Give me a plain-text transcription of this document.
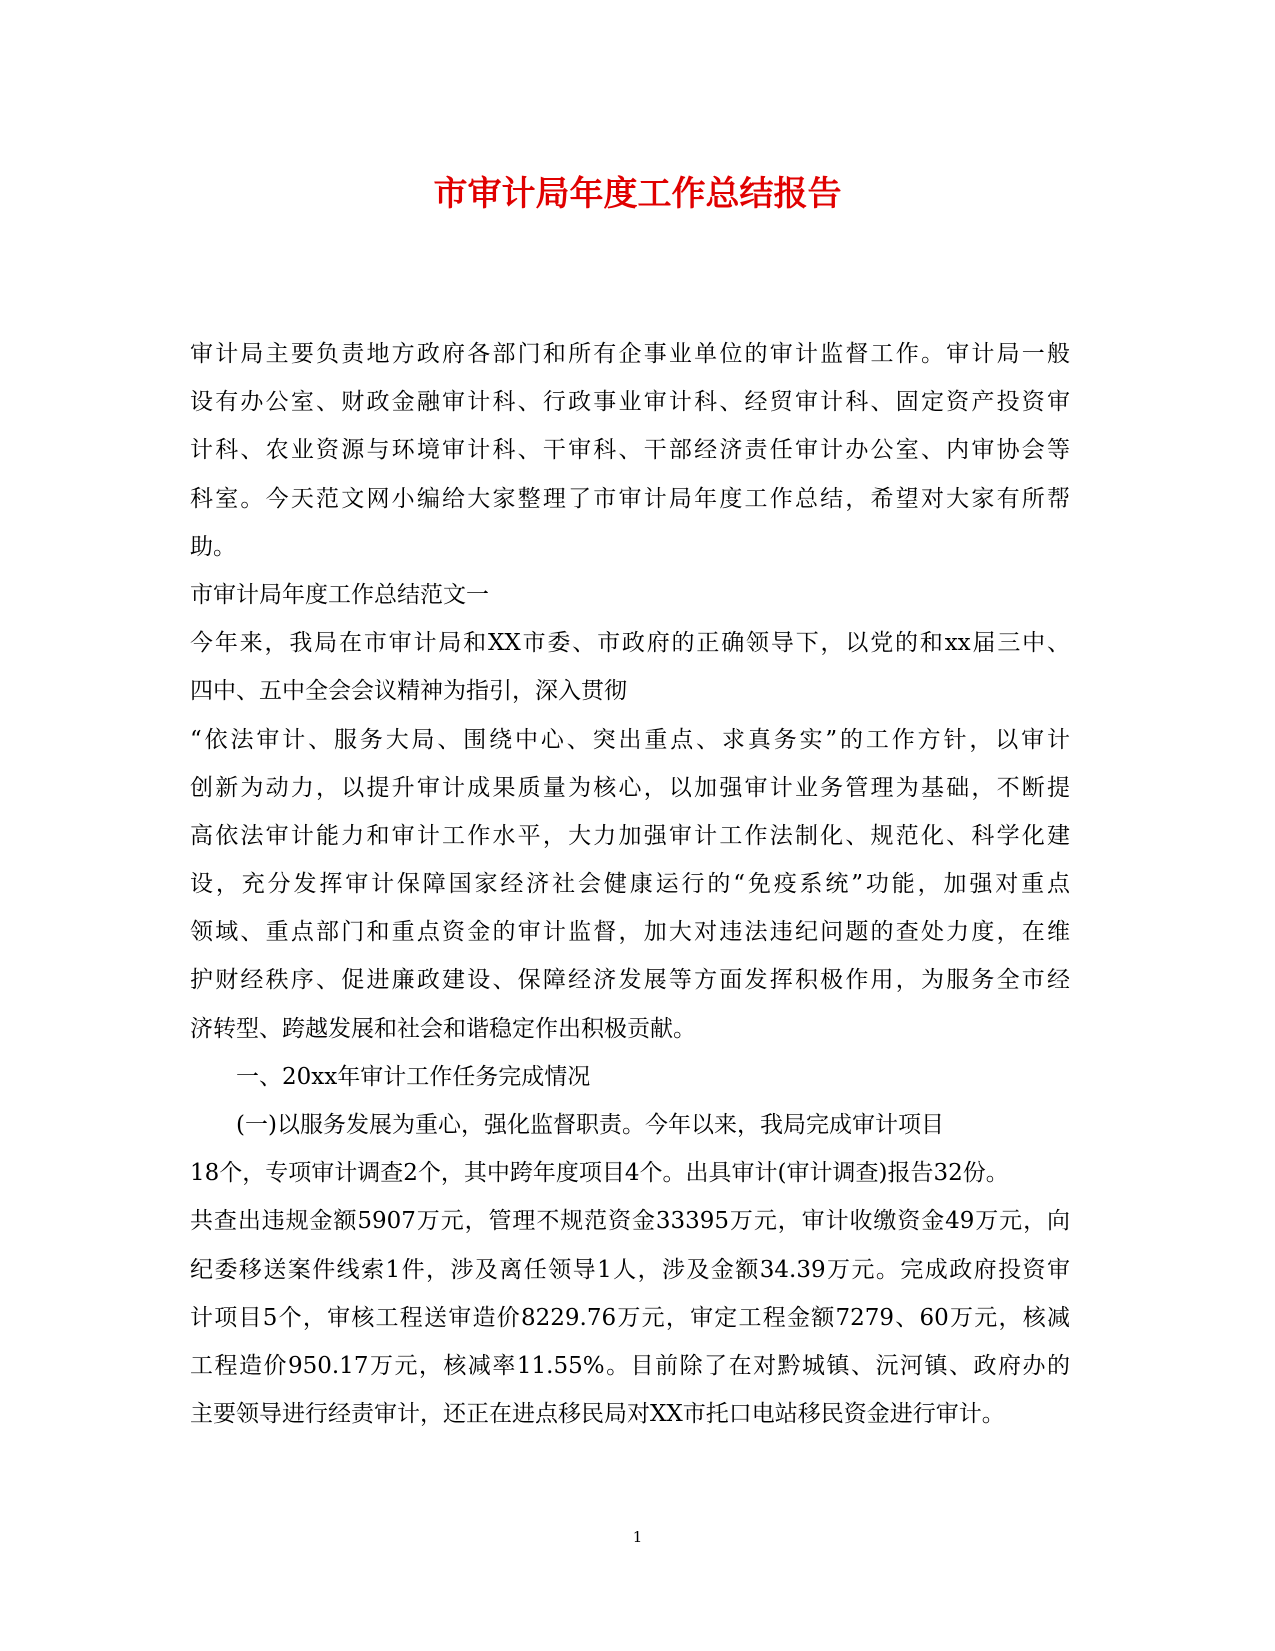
市审计局年度工作总结报告
审计局主要负责地方政府各部门和所有企事业单位的审计监督工作。审计局一般
设有办公室、财政金融审计科、行政事业审计科、经贸审计科、固定资产投资审
计科、农业资源与环境审计科、干审科、干部经济责任审计办公室、内审协会等
科室。今天范文网小编给大家整理了市审计局年度工作总结，希望对大家有所帮
助。
市审计局年度工作总结范文一
今年来，我局在市审计局和XX市委、市政府的正确领导下，以党的和xx届三中、
四中、五中全会会议精神为指引，深入贯彻
“依法审计、服务大局、围绕中心、突出重点、求真务实”的工作方针，以审计
创新为动力，以提升审计成果质量为核心，以加强审计业务管理为基础，不断提
高依法审计能力和审计工作水平，大力加强审计工作法制化、规范化、科学化建
设，充分发挥审计保障国家经济社会健康运行的“免疫系统”功能，加强对重点
领域、重点部门和重点资金的审计监督，加大对违法违纪问题的查处力度，在维
护财经秩序、促进廉政建设、保障经济发展等方面发挥积极作用，为服务全市经
济转型、跨越发展和社会和谐稳定作出积极贡献。
一、20xx年审计工作任务完成情况
(一)以服务发展为重心，强化监督职责。今年以来，我局完成审计项目
18个，专项审计调查2个，其中跨年度项目4个。出具审计(审计调查)报告32份。
共查出违规金额5907万元，管理不规范资金33395万元，审计收缴资金49万元，向
纪委移送案件线索1件，涉及离任领导1人，涉及金额34.39万元。完成政府投资审
计项目5个，审核工程送审造价8229.76万元，审定工程金额7279、60万元，核减
工程造价950.17万元，核减率11.55%。目前除了在对黔城镇、沅河镇、政府办的
主要领导进行经责审计，还正在进点移民局对XX市托口电站移民资金进行审计。
1
